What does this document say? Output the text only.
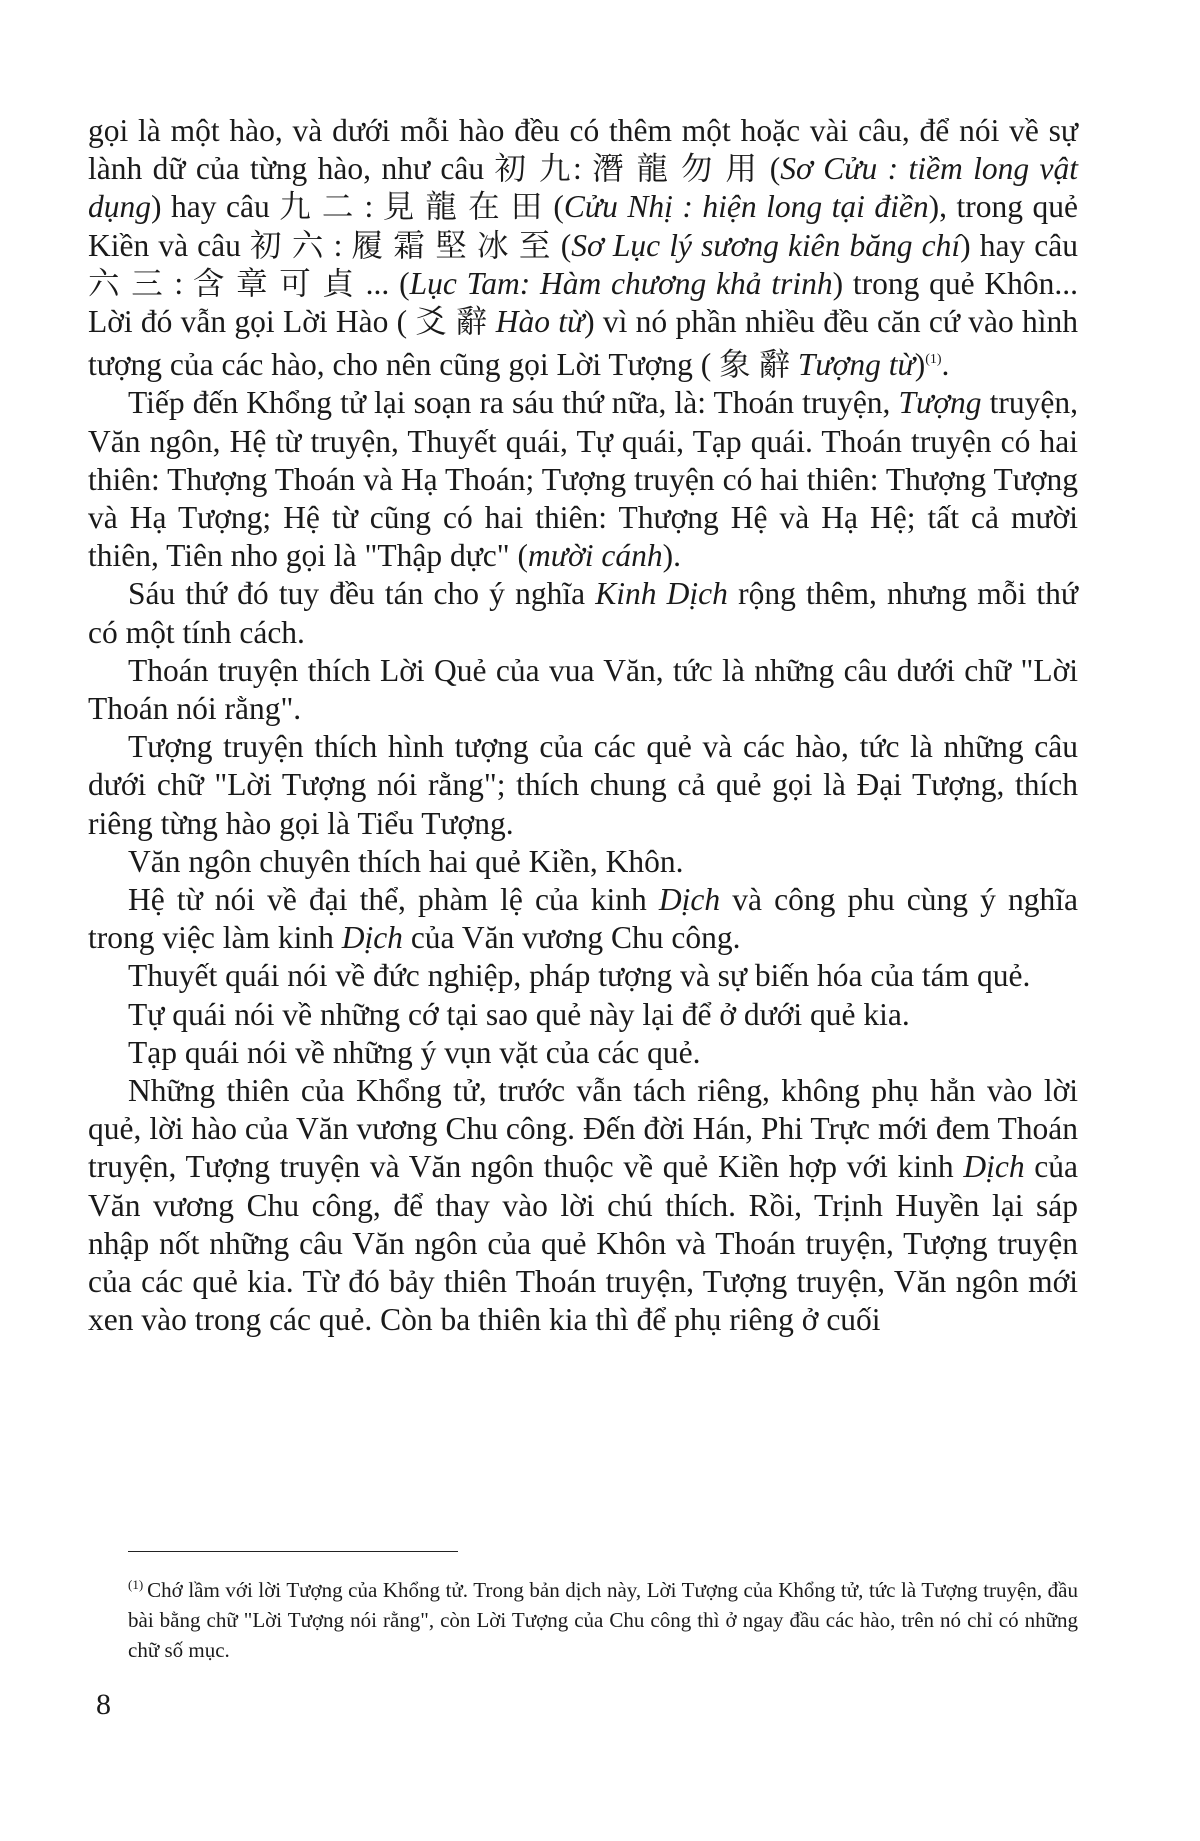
gọi là một hào, và dưới mỗi hào đều có thêm một hoặc vài câu, để nói về sự lành dữ của từng hào, như câu 初 九: 潛 龍 勿 用 (Sơ Cửu : tiềm long vật dụng) hay câu 九 二 : 見 龍 在 田 (Cửu Nhị : hiện long tại điền), trong quẻ Kiền và câu 初 六 : 履 霜 堅 冰 至 (Sơ Lục lý sương kiên băng chí) hay câu 六 三 : 含 章 可 貞 ... (Lục Tam: Hàm chương khả trinh) trong quẻ Khôn... Lời đó vẫn gọi Lời Hào ( 爻 辭 Hào từ) vì nó phần nhiều đều căn cứ vào hình tượng của các hào, cho nên cũng gọi Lời Tượng ( 象 辭 Tượng từ)$^{(1)}$.

Tiếp đến Khổng tử lại soạn ra sáu thứ nữa, là: Thoán truyện, Tượng truyện, Văn ngôn, Hệ từ truyện, Thuyết quái, Tự quái, Tạp quái. Thoán truyện có hai thiên: Thượng Thoán và Hạ Thoán; Tượng truyện có hai thiên: Thượng Tượng và Hạ Tượng; Hệ từ cũng có hai thiên: Thượng Hệ và Hạ Hệ; tất cả mười thiên, Tiên nho gọi là "Thập dực" (mười cánh).

Sáu thứ đó tuy đều tán cho ý nghĩa Kinh Dịch rộng thêm, nhưng mỗi thứ có một tính cách.

Thoán truyện thích Lời Quẻ của vua Văn, tức là những câu dưới chữ "Lời Thoán nói rằng".

Tượng truyện thích hình tượng của các quẻ và các hào, tức là những câu dưới chữ "Lời Tượng nói rằng"; thích chung cả quẻ gọi là Đại Tượng, thích riêng từng hào gọi là Tiểu Tượng.

Văn ngôn chuyên thích hai quẻ Kiền, Khôn.

Hệ từ nói về đại thể, phàm lệ của kinh Dịch và công phu cùng ý nghĩa trong việc làm kinh Dịch của Văn vương Chu công.

Thuyết quái nói về đức nghiệp, pháp tượng và sự biến hóa của tám quẻ.

Tự quái nói về những cớ tại sao quẻ này lại để ở dưới quẻ kia.

Tạp quái nói về những ý vụn vặt của các quẻ.

Những thiên của Khổng tử, trước vẫn tách riêng, không phụ hẳn vào lời quẻ, lời hào của Văn vương Chu công. Đến đời Hán, Phi Trực mới đem Thoán truyện, Tượng truyện và Văn ngôn thuộc về quẻ Kiền hợp với kinh Dịch của Văn vương Chu công, để thay vào lời chú thích. Rồi, Trịnh Huyền lại sáp nhập nốt những câu Văn ngôn của quẻ Khôn và Thoán truyện, Tượng truyện của các quẻ kia. Từ đó bảy thiên Thoán truyện, Tượng truyện, Văn ngôn mới xen vào trong các quẻ. Còn ba thiên kia thì để phụ riêng ở cuối

$^{(1)}$ Chớ lầm với lời Tượng của Khổng tử. Trong bản dịch này, Lời Tượng của Khổng tử, tức là Tượng truyện, đầu bài bằng chữ "Lời Tượng nói rằng", còn Lời Tượng của Chu công thì ở ngay đầu các hào, trên nó chỉ có những chữ số mục.
8
